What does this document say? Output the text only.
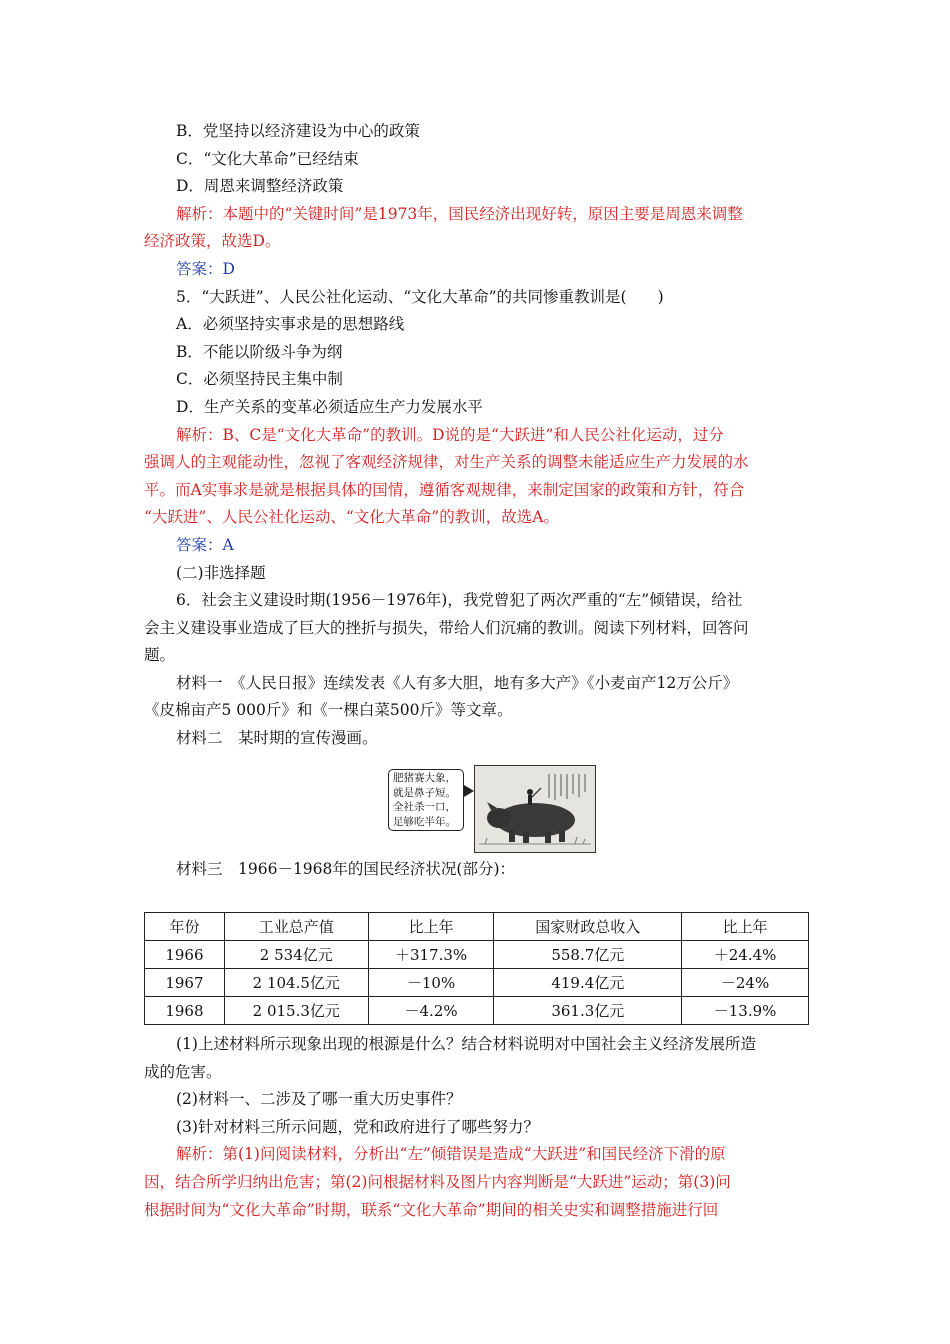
B．党坚持以经济建设为中心的政策
C．“文化大革命”已经结束
D．周恩来调整经济政策
解析：本题中的“关键时间”是1973年，国民经济出现好转，原因主要是周恩来调整
经济政策，故选D。
答案：D
5．“大跃进”、人民公社化运动、“文化大革命”的共同惨重教训是(　　)
A．必须坚持实事求是的思想路线
B．不能以阶级斗争为纲
C．必须坚持民主集中制
D．生产关系的变革必须适应生产力发展水平
解析：B、C是“文化大革命”的教训。D说的是“大跃进”和人民公社化运动，过分
强调人的主观能动性，忽视了客观经济规律，对生产关系的调整未能适应生产力发展的水
平。而A实事求是就是根据具体的国情，遵循客观规律，来制定国家的政策和方针，符合
“大跃进”、人民公社化运动、“文化大革命”的教训，故选A。
答案：A
(二)非选择题
6．社会主义建设时期(1956－1976年)，我党曾犯了两次严重的“左”倾错误，给社
会主义建设事业造成了巨大的挫折与损失，带给人们沉痛的教训。阅读下列材料，回答问
题。
材料一　《人民日报》连续发表《人有多大胆，地有多大产》《小麦亩产12万公斤》
《皮棉亩产5 000斤》和《一棵白菜500斤》等文章。
材料二　某时期的宣传漫画。
肥猪赛大象，
就是鼻子短。
全社杀一口，
足够吃半年。
材料三　1966－1968年的国民经济状况(部分)：
年份	工业总产值	比上年	国家财政总收入	比上年
1966	2 534亿元	＋317.3%	558.7亿元	＋24.4%
1967	2 104.5亿元	－10%	419.4亿元	－24%
1968	2 015.3亿元	－4.2%	361.3亿元	－13.9%
(1)上述材料所示现象出现的根源是什么？结合材料说明对中国社会主义经济发展所造
成的危害。
(2)材料一、二涉及了哪一重大历史事件？
(3)针对材料三所示问题，党和政府进行了哪些努力？
解析：第(1)问阅读材料，分析出“左”倾错误是造成“大跃进”和国民经济下滑的原
因，结合所学归纳出危害；第(2)问根据材料及图片内容判断是“大跃进”运动；第(3)问
根据时间为“文化大革命”时期，联系“文化大革命”期间的相关史实和调整措施进行回
